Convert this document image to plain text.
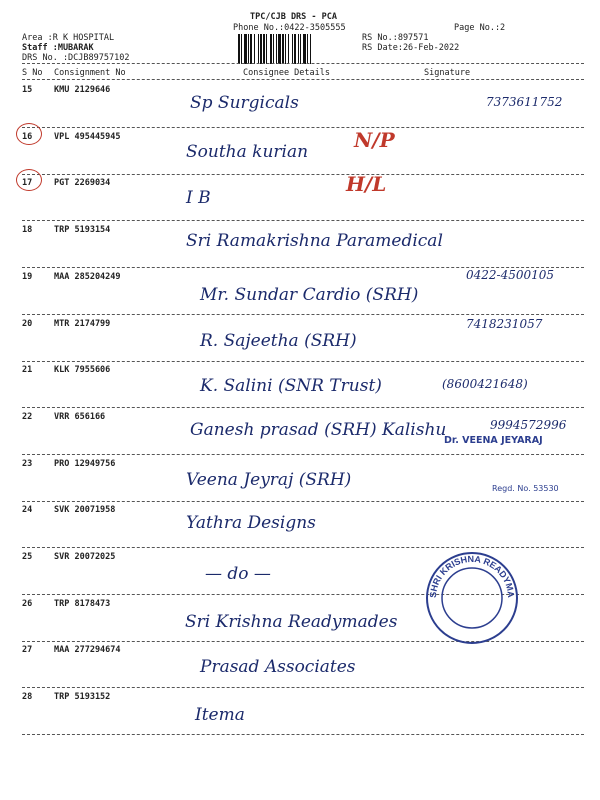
TPC/CJB DRS - PCA
Phone No.:0422-3505555	Page No.:2
Area :R K HOSPITAL
Staff :MUBARAK
DRS No. :DCJB89757102
RS No.:897571
RS Date:26-Feb-2022
S No Consignment No	Consignee Details	Signature
15	KMU 2129646
Sp Surgicals	7373611752
16	VPL 495445945
Southa kurian N/P
17	PGT 2269034
I B
H/L
18	TRP 5193154
Sri Ramakrishna Paramedical
19	MAA 285204249
Mr. Sundar Cardio (SRH)
0422-4500105
20	MTR 2174799
R. Sajeetha (SRH)
7418231057
21	KLK 7955606
K. Salini (SNR Trust)	(8600421648)
22	VRR 656166
Ganesh prasad (SRH) Kalishu	9994572996
23	PRO 12949756
Veena Jeyraj (SRH)
24	SVK 20071958
Yathra Designs
25	SVR 20072025
— do —
26	TRP 8178473
Sri Krishna Readymades
27	MAA 277294674
Prasad Associates
28	TRP 5193152
Itema
Dr. VEENA JEYARAJ
Regd. No. 53530
SHRI KRISHNA READYMA
